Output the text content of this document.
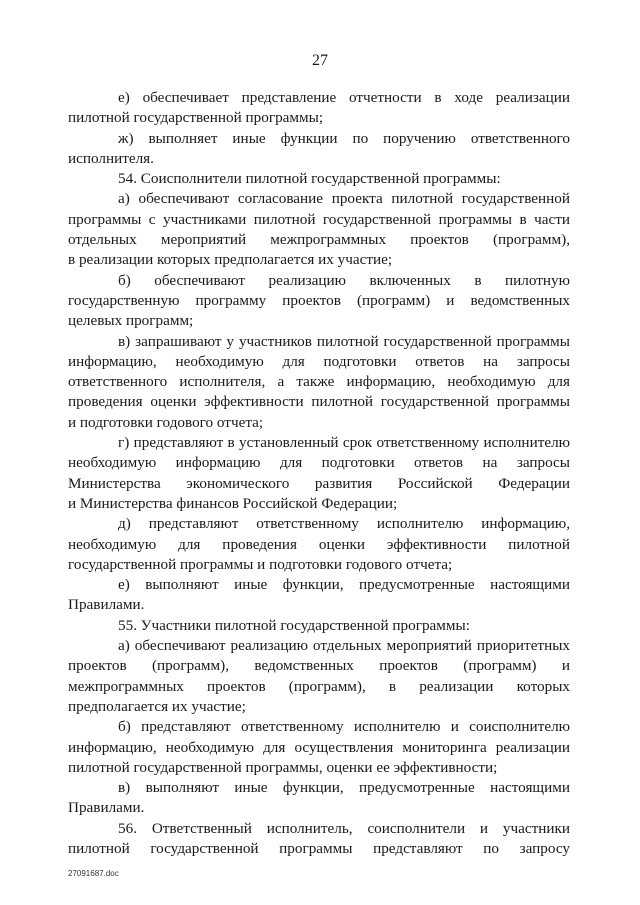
27
е) обеспечивает представление отчетности в ходе реализации
пилотной государственной программы;
ж) выполняет иные функции по поручению ответственного
исполнителя.
54. Соисполнители пилотной государственной программы:
а) обеспечивают согласование проекта пилотной государственной
программы с участниками пилотной государственной программы в части
отдельных мероприятий межпрограммных проектов (программ),
в реализации которых предполагается их участие;
б) обеспечивают реализацию включенных в пилотную
государственную программу проектов (программ) и ведомственных
целевых программ;
в) запрашивают у участников пилотной государственной программы
информацию, необходимую для подготовки ответов на запросы
ответственного исполнителя, а также информацию, необходимую для
проведения оценки эффективности пилотной государственной программы
и подготовки годового отчета;
г) представляют в установленный срок ответственному исполнителю
необходимую информацию для подготовки ответов на запросы
Министерства экономического развития Российской Федерации
и Министерства финансов Российской Федерации;
д) представляют ответственному исполнителю информацию,
необходимую для проведения оценки эффективности пилотной
государственной программы и подготовки годового отчета;
е) выполняют иные функции, предусмотренные настоящими
Правилами.
55. Участники пилотной государственной программы:
а) обеспечивают реализацию отдельных мероприятий приоритетных
проектов (программ), ведомственных проектов (программ) и
межпрограммных проектов (программ), в реализации которых
предполагается их участие;
б) представляют ответственному исполнителю и соисполнителю
информацию, необходимую для осуществления мониторинга реализации
пилотной государственной программы, оценки ее эффективности;
в) выполняют иные функции, предусмотренные настоящими
Правилами.
56. Ответственный исполнитель, соисполнители и участники
пилотной государственной программы представляют по запросу
27091687.doc
